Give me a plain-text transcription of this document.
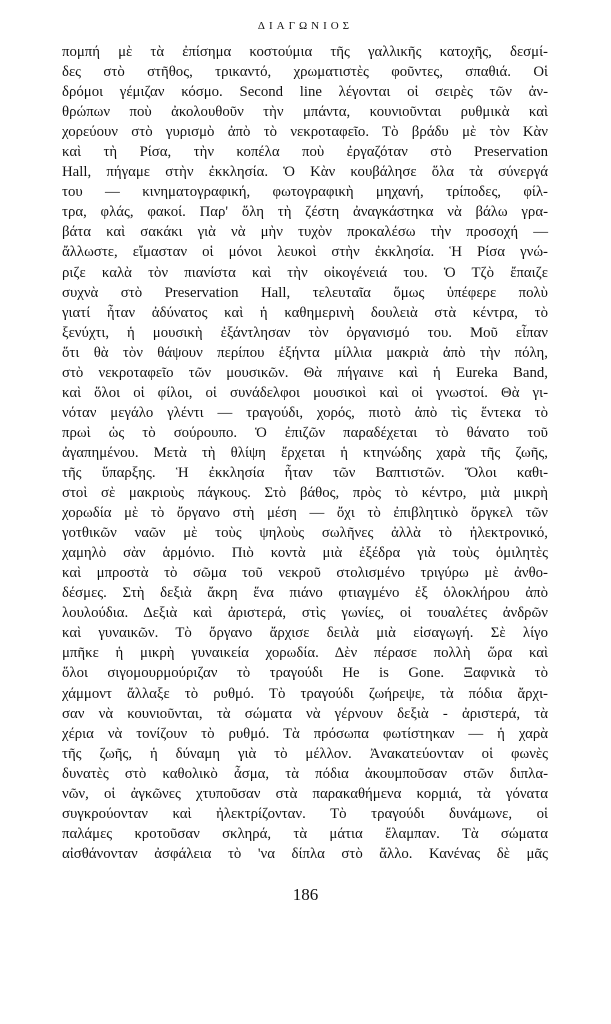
ΔΙΑΓΩΝΙΟΣ
πομπή μὲ τὰ ἐπίσημα κοστούμια τῆς γαλλικῆς κατοχῆς, δεσμί-
δες στὸ στῆθος, τρικαντό, χρωματιστὲς φοῦντες, σπαθιά. Οἱ
δρόμοι γέμιζαν κόσμο. Second line λέγονται οἱ σειρὲς τῶν ἀν-
θρώπων ποὺ ἀκολουθοῦν τὴν μπάντα, κουνιοῦνται ρυθμικὰ καὶ
χορεύουν στὸ γυρισμὸ ἀπὸ τὸ νεκροταφεῖο. Τὸ βράδυ μὲ τὸν Κὰν
καὶ τὴ Ρίσα, τὴν κοπέλα ποὺ ἐργαζόταν στὸ Preservation
Hall, πήγαμε στὴν ἐκκλησία. Ὁ Κὰν κουβάλησε ὅλα τὰ σύνεργά
του — κινηματογραφική, φωτογραφικὴ μηχανή, τρίποδες, φίλ-
τρα, φλάς, φακοί. Παρ' ὅλη τὴ ζέστη ἀναγκάστηκα νὰ βάλω γρα-
βάτα καὶ σακάκι γιὰ νὰ μὴν τυχὸν προκαλέσω τὴν προσοχή —
ἄλλωστε, εἴμασταν οἱ μόνοι λευκοὶ στὴν ἐκκλησία. Ἡ Ρίσα γνώ-
ριζε καλὰ τὸν πιανίστα καὶ τὴν οἰκογένειά του. Ὁ Τζὸ ἔπαιζε
συχνὰ στὸ Preservation Hall, τελευταῖα ὅμως ὑπέφερε πολὺ
γιατί ἦταν ἀδύνατος καὶ ἡ καθημερινὴ δουλειὰ στὰ κέντρα, τὸ
ξενύχτι, ἡ μουσικὴ ἐξάντλησαν τὸν ὀργανισμό του. Μοῦ εἶπαν
ὅτι θὰ τὸν θάψουν περίπου ἑξήντα μίλλια μακριὰ ἀπὸ τὴν πόλη,
στὸ νεκροταφεῖο τῶν μουσικῶν. Θὰ πήγαινε καὶ ἡ Eureka Band,
καὶ ὅλοι οἱ φίλοι, οἱ συνάδελφοι μουσικοὶ καὶ οἱ γνωστοί. Θὰ γι-
νόταν μεγάλο γλέντι — τραγούδι, χορός, πιοτὸ ἀπὸ τὶς ἕντεκα τὸ
πρωὶ ὡς τὸ σούρουπο. Ὁ ἐπιζῶν παραδέχεται τὸ θάνατο τοῦ
ἀγαπημένου. Μετὰ τὴ θλίψη ἔρχεται ἡ κτηνώδης χαρὰ τῆς ζωῆς,
τῆς ὕπαρξης. Ἡ ἐκκλησία ἦταν τῶν Βαπτιστῶν. Ὅλοι καθι-
στοὶ σὲ μακριοὺς πάγκους. Στὸ βάθος, πρὸς τὸ κέντρο, μιὰ μικρὴ
χορωδία μὲ τὸ ὄργανο στὴ μέση — ὄχι τὸ ἐπιβλητικὸ ὄργκελ τῶν
γοτθικῶν ναῶν μὲ τοὺς ψηλοὺς σωλῆνες ἀλλὰ τὸ ἠλεκτρονικό,
χαμηλὸ σὰν ἁρμόνιο. Πιὸ κοντὰ μιὰ ἐξέδρα γιὰ τοὺς ὁμιλητὲς
καὶ μπροστὰ τὸ σῶμα τοῦ νεκροῦ στολισμένο τριγύρω μὲ ἀνθο-
δέσμες. Στὴ δεξιὰ ἄκρη ἕνα πιάνο φτιαγμένο ἐξ ὁλοκλήρου ἀπὸ
λουλούδια. Δεξιὰ καὶ ἀριστερά, στὶς γωνίες, οἱ τουαλέτες ἀνδρῶν
καὶ γυναικῶν. Τὸ ὄργανο ἄρχισε δειλὰ μιὰ εἰσαγωγή. Σὲ λίγο
μπῆκε ἡ μικρὴ γυναικεία χορωδία. Δὲν πέρασε πολλὴ ὥρα καὶ
ὅλοι σιγομουρμούριζαν τὸ τραγούδι He is Gone. Ξαφνικὰ τὸ
χάμμοντ ἄλλαξε τὸ ρυθμό. Τὸ τραγούδι ζωήρεψε, τὰ πόδια ἄρχι-
σαν νὰ κουνιοῦνται, τὰ σώματα νὰ γέρνουν δεξιὰ - ἀριστερά, τὰ
χέρια νὰ τονίζουν τὸ ρυθμό. Τὰ πρόσωπα φωτίστηκαν — ἡ χαρὰ
τῆς ζωῆς, ἡ δύναμη γιὰ τὸ μέλλον. Ἀνακατεύονταν οἱ φωνὲς
δυνατὲς στὸ καθολικὸ ἆσμα, τὰ πόδια ἀκουμποῦσαν στῶν διπλα-
νῶν, οἱ ἀγκῶνες χτυποῦσαν στὰ παρακαθήμενα κορμιά, τὰ γόνατα
συγκρούονταν καὶ ἠλεκτρίζονταν. Τὸ τραγούδι δυνάμωνε, οἱ
παλάμες κροτοῦσαν σκληρά, τὰ μάτια ἔλαμπαν. Τὰ σώματα
αἰσθάνονταν ἀσφάλεια τὸ 'να δίπλα στὸ ἄλλο. Κανένας δὲ μᾶς
186
